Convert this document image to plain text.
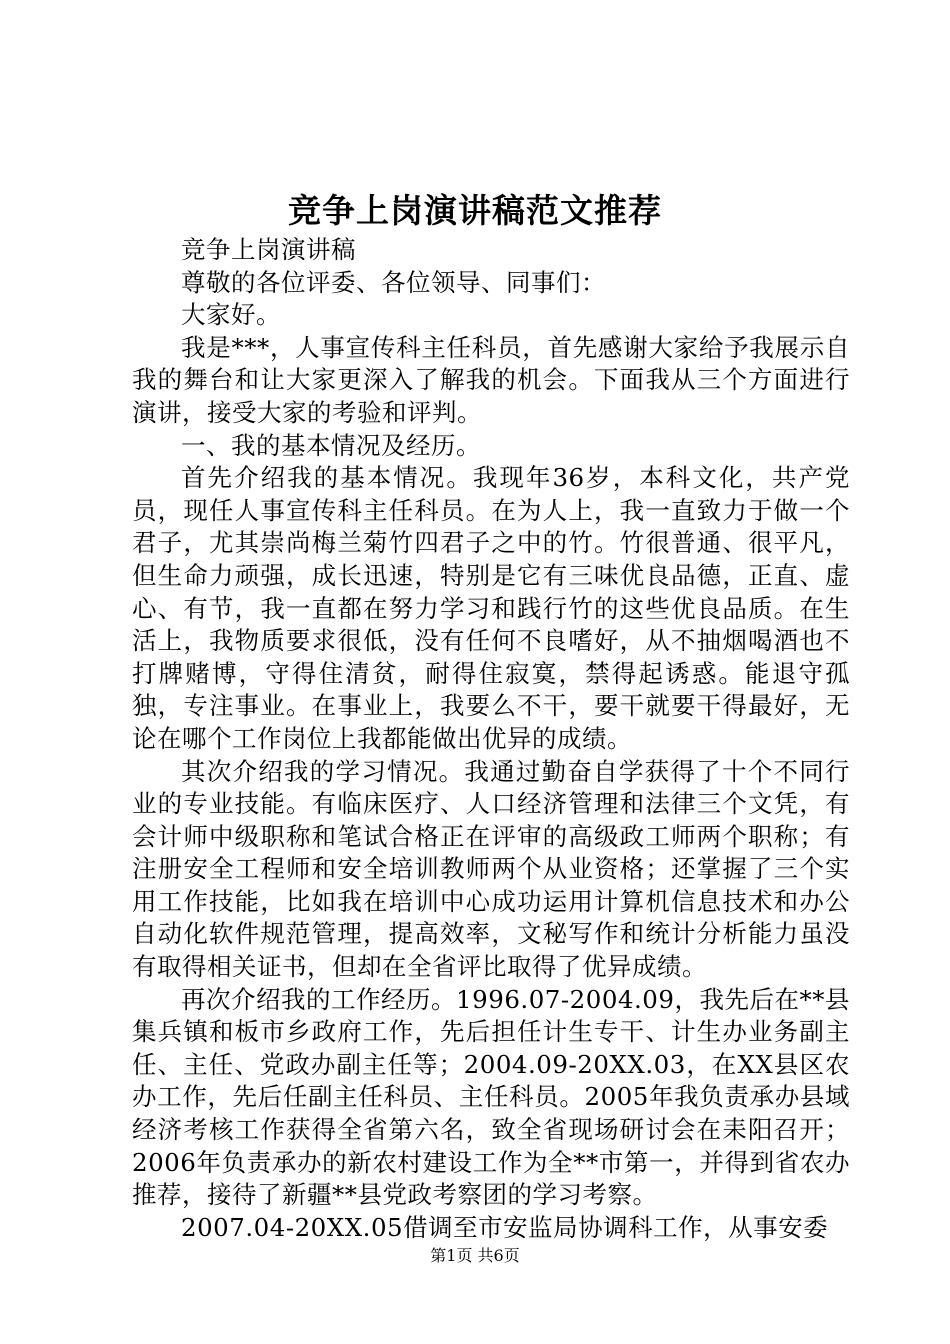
竞争上岗演讲稿范文推荐

竞争上岗演讲稿

尊敬的各位评委、各位领导、同事们：

大家好。

我是***，人事宣传科主任科员，首先感谢大家给予我展示自我的舞台和让大家更深入了解我的机会。下面我从三个方面进行演讲，接受大家的考验和评判。

一、我的基本情况及经历。

首先介绍我的基本情况。我现年36岁，本科文化，共产党员，现任人事宣传科主任科员。在为人上，我一直致力于做一个君子，尤其崇尚梅兰菊竹四君子之中的竹。竹很普通、很平凡，但生命力顽强，成长迅速，特别是它有三味优良品德，正直、虚心、有节，我一直都在努力学习和践行竹的这些优良品质。在生活上，我物质要求很低，没有任何不良嗜好，从不抽烟喝酒也不打牌赌博，守得住清贫，耐得住寂寞，禁得起诱惑。能退守孤独，专注事业。在事业上，我要么不干，要干就要干得最好，无论在哪个工作岗位上我都能做出优异的成绩。

其次介绍我的学习情况。我通过勤奋自学获得了十个不同行业的专业技能。有临床医疗、人口经济管理和法律三个文凭，有会计师中级职称和笔试合格正在评审的高级政工师两个职称；有注册安全工程师和安全培训教师两个从业资格；还掌握了三个实用工作技能，比如我在培训中心成功运用计算机信息技术和办公自动化软件规范管理，提高效率，文秘写作和统计分析能力虽没有取得相关证书，但却在全省评比取得了优异成绩。

再次介绍我的工作经历。1996.07-2004.09，我先后在**县集兵镇和板市乡政府工作，先后担任计生专干、计生办业务副主任、主任、党政办副主任等；2004.09-20XX.03，在XX县区农办工作，先后任副主任科员、主任科员。2005年我负责承办县域经济考核工作获得全省第六名，致全省现场研讨会在耒阳召开；2006年负责承办的新农村建设工作为全**市第一，并得到省农办推荐，接待了新疆**县党政考察团的学习考察。

2007.04-20XX.05借调至市安监局协调科工作，从事安委

第1页 共6页
